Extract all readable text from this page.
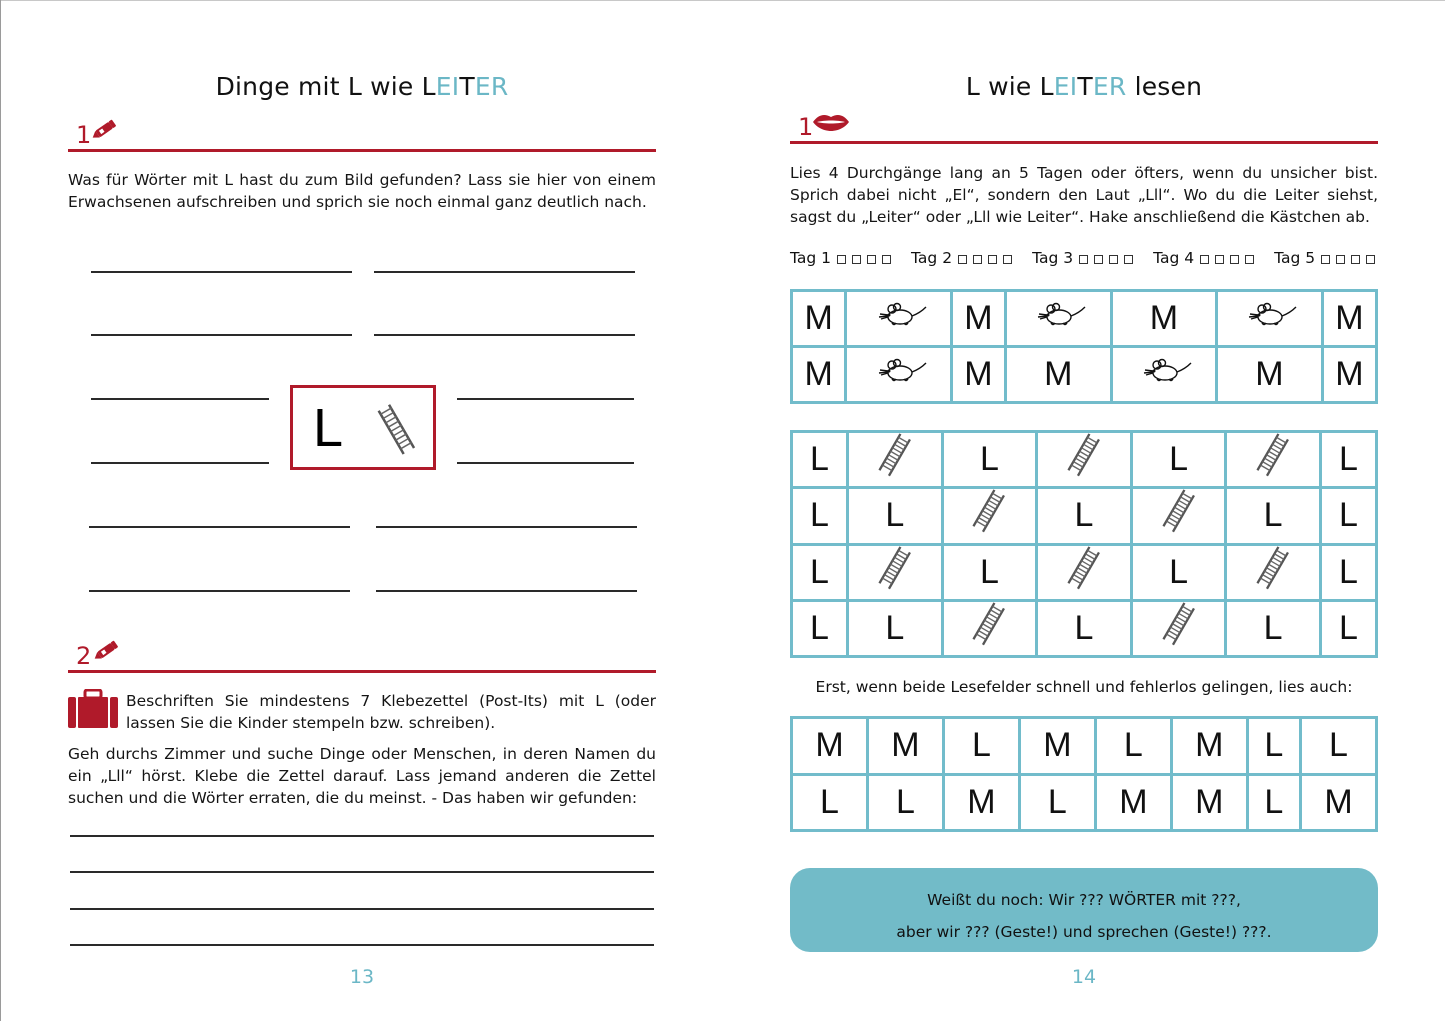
Dinge mit L wie LEITER
1

Was für Wörter mit L hast du zum Bild gefunden? Lass sie hier von einem Erwachsenen aufschreiben und sprich sie noch einmal ganz deutlich nach.

L
2

Beschriften Sie mindestens 7 Klebezettel (Post-Its) mit L (oder lassen Sie die Kinder stempeln bzw. schreiben).

Geh durchs Zimmer und suche Dinge oder Menschen, in deren Namen du ein „Lll“ hörst. Klebe die Zettel darauf. Lass jemand anderen die Zettel suchen und die Wörter erraten, die du meinst. - Das haben wir gefunden:

13
L wie LEITER lesen
1

Lies 4 Durchgänge lang an 5 Tagen oder öfters, wenn du unsicher bist. Sprich dabei nicht „El“, sondern den Laut „Lll“. Wo du die Leiter siehst, sagst du „Leiter“ oder „Lll wie Leiter“. Hake anschließend die Kästchen ab.

Tag 1	Tag 2	Tag 3	Tag 4	Tag 5
M		M		M		M
M		M	M		M	M
L		L		L		L
L	L		L		L	L
L		L		L		L
L	L		L		L	L
Erst, wenn beide Lesefelder schnell und fehlerlos gelingen, lies auch:
M	M	L	M	L	M	L	L
L	L	M	L	M	M	L	M
Weißt du noch: Wir ??? WÖRTER mit ???,
aber wir ??? (Geste!) und sprechen (Geste!) ???.
14
